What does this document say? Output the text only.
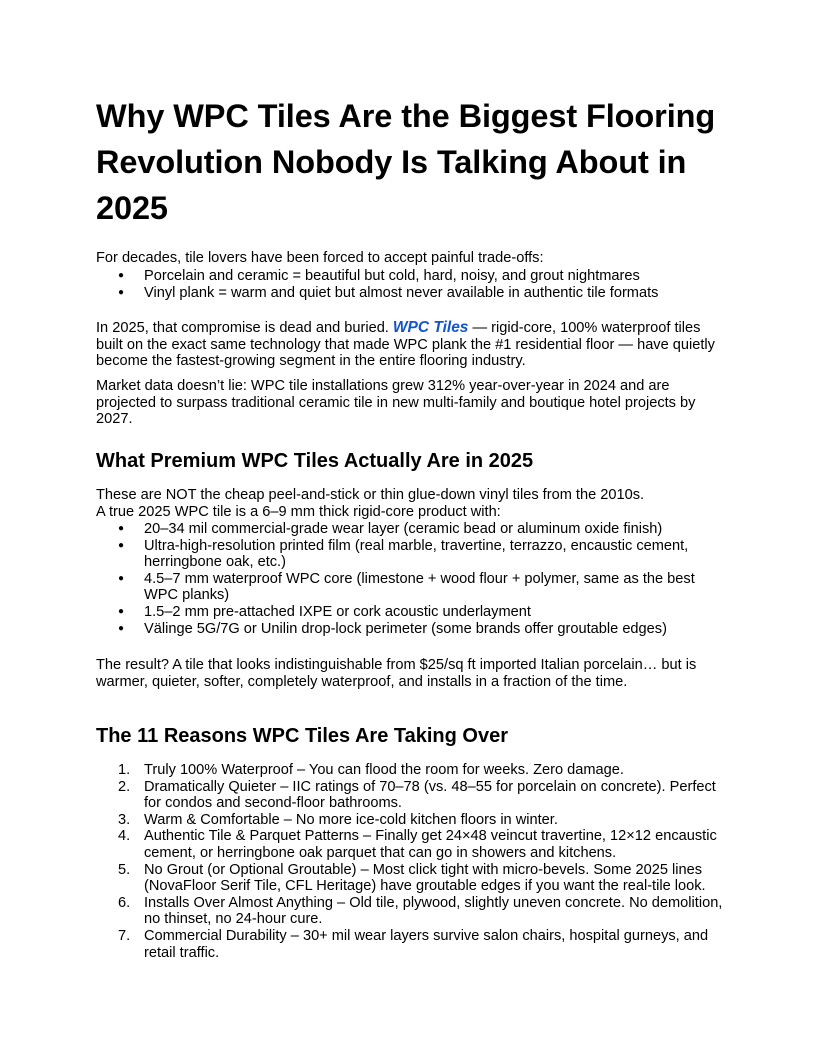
Why WPC Tiles Are the Biggest Flooring Revolution Nobody Is Talking About in 2025

For decades, tile lovers have been forced to accept painful trade-offs:

● Porcelain and ceramic = beautiful but cold, hard, noisy, and grout nightmares
● Vinyl plank = warm and quiet but almost never available in authentic tile formats

In 2025, that compromise is dead and buried. WPC Tiles — rigid-core, 100% waterproof tiles built on the exact same technology that made WPC plank the #1 residential floor — have quietly become the fastest-growing segment in the entire flooring industry.

Market data doesn’t lie: WPC tile installations grew 312% year-over-year in 2024 and are projected to surpass traditional ceramic tile in new multi-family and boutique hotel projects by 2027.

What Premium WPC Tiles Actually Are in 2025

These are NOT the cheap peel-and-stick or thin glue-down vinyl tiles from the 2010s.

A true 2025 WPC tile is a 6–9 mm thick rigid-core product with:

● 20–34 mil commercial-grade wear layer (ceramic bead or aluminum oxide finish)
● Ultra-high-resolution printed film (real marble, travertine, terrazzo, encaustic cement, herringbone oak, etc.)
● 4.5–7 mm waterproof WPC core (limestone + wood flour + polymer, same as the best WPC planks)
● 1.5–2 mm pre-attached IXPE or cork acoustic underlayment
● Välinge 5G/7G or Unilin drop-lock perimeter (some brands offer groutable edges)

The result? A tile that looks indistinguishable from $25/sq ft imported Italian porcelain… but is warmer, quieter, softer, completely waterproof, and installs in a fraction of the time.

The 11 Reasons WPC Tiles Are Taking Over
1. Truly 100% Waterproof – You can flood the room for weeks. Zero damage.
2. Dramatically Quieter – IIC ratings of 70–78 (vs. 48–55 for porcelain on concrete). Perfect for condos and second-floor bathrooms.
3. Warm & Comfortable – No more ice-cold kitchen floors in winter.
4. Authentic Tile & Parquet Patterns – Finally get 24×48 veincut travertine, 12×12 encaustic cement, or herringbone oak parquet that can go in showers and kitchens.
5. No Grout (or Optional Groutable) – Most click tight with micro-bevels. Some 2025 lines (NovaFloor Serif Tile, CFL Heritage) have groutable edges if you want the real-tile look.
6. Installs Over Almost Anything – Old tile, plywood, slightly uneven concrete. No demolition, no thinset, no 24-hour cure.
7. Commercial Durability – 30+ mil wear layers survive salon chairs, hospital gurneys, and retail traffic.
